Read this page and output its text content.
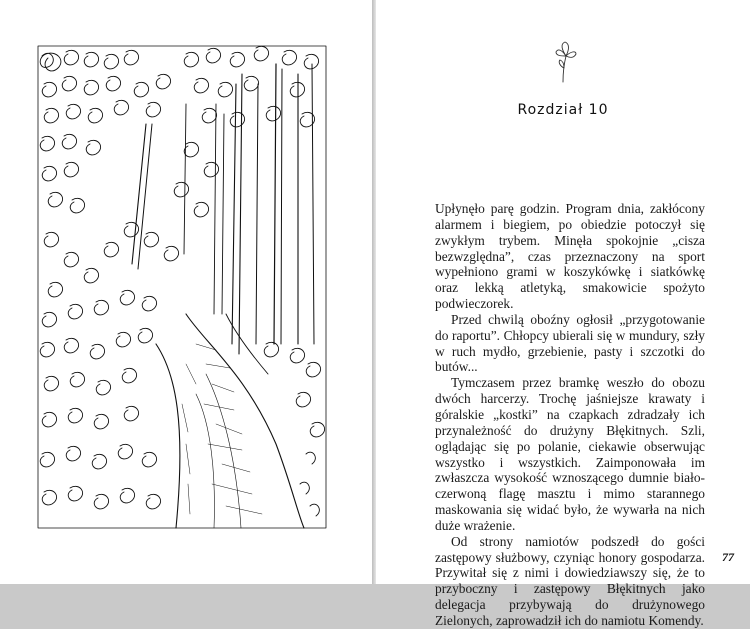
Rozdział 10

Upłynęło parę godzin. Program dnia, zakłócony alarmem i biegiem, po obiedzie potoczył się zwykłym trybem. Minęła spokojnie „cisza bezwzględna”, czas przeznaczony na sport wypełniono grami w koszykówkę i siatkówkę oraz lekką atletyką, smakowicie spożyto podwieczorek.

Przed chwilą oboźny ogłosił „przygotowanie do raportu”. Chłopcy ubierali się w mundury, szły w ruch mydło, grzebienie, pasty i szczotki do butów...

Tymczasem przez bramkę weszło do obozu dwóch harcerzy. Trochę jaśniejsze krawaty i góralskie „kostki” na czapkach zdradzały ich przynależność do drużyny Błękitnych. Szli, oglądając się po polanie, ciekawie obserwując wszystko i wszystkich. Zaimponowała im zwłaszcza wysokość wznoszącego dumnie biało-czerwoną flagę masztu i mimo starannego maskowania się widać było, że wywarła na nich duże wrażenie.

Od strony namiotów podszedł do gości zastępowy służbowy, czyniąc honory gospodarza. Przywitał się z nimi i dowiedziawszy się, że to przyboczny i zastępowy Błękitnych jako delegacja przybywają do drużynowego Zielonych, zaprowadził ich do namiotu Komendy.

77
